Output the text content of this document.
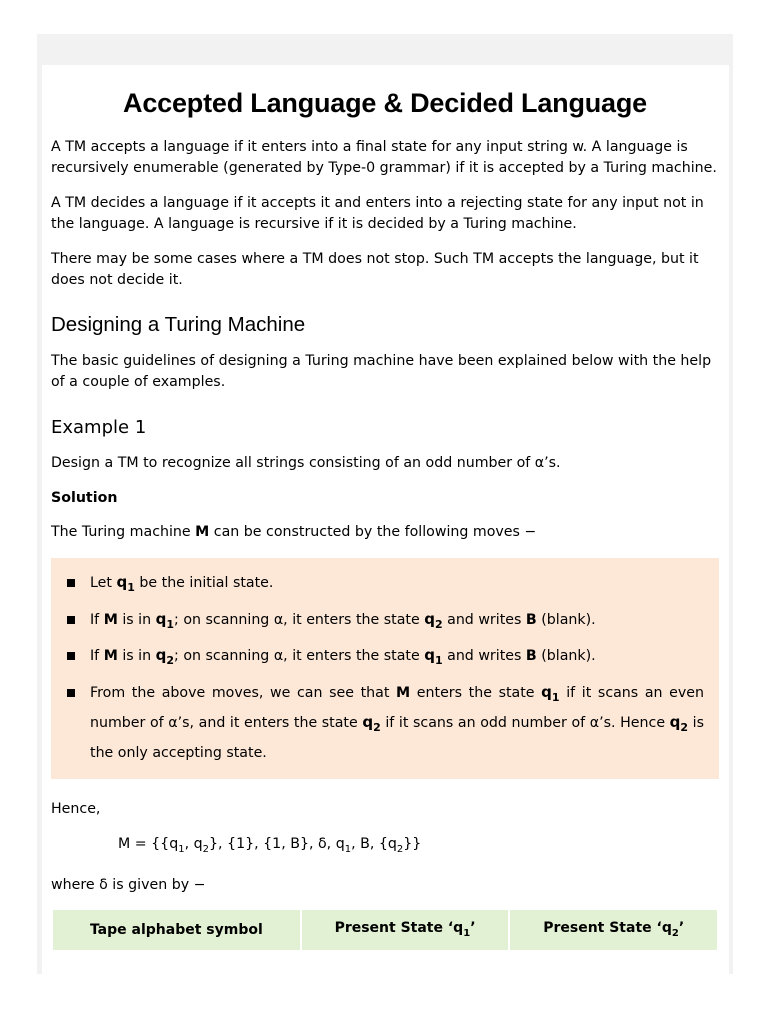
Accepted Language & Decided Language

A TM accepts a language if it enters into a final state for any input string w. A language is recursively enumerable (generated by Type-0 grammar) if it is accepted by a Turing machine.

A TM decides a language if it accepts it and enters into a rejecting state for any input not in the language. A language is recursive if it is decided by a Turing machine.

There may be some cases where a TM does not stop. Such TM accepts the language, but it does not decide it.

Designing a Turing Machine

The basic guidelines of designing a Turing machine have been explained below with the help of a couple of examples.

Example 1

Design a TM to recognize all strings consisting of an odd number of α’s.

Solution

The Turing machine M can be constructed by the following moves −

Let $q_1$ be the initial state.
If M is in $q_1$; on scanning α, it enters the state $q_2$ and writes B (blank).
If M is in $q_2$; on scanning α, it enters the state $q_1$ and writes B (blank).
From the above moves, we can see that M enters the state $q_1$ if it scans an even number of α’s, and it enters the state $q_2$ if it scans an odd number of α’s. Hence $q_2$ is the only accepting state.

Hence,

$M = \{\{q_1$, $q_2$}, {1}, {1, B}, δ, $q_1$, B, $\{q_2\}$}

where δ is given by −

Tape alphabet symbol	Present State ‘$q_1$’	Present State ‘$q_2$’
